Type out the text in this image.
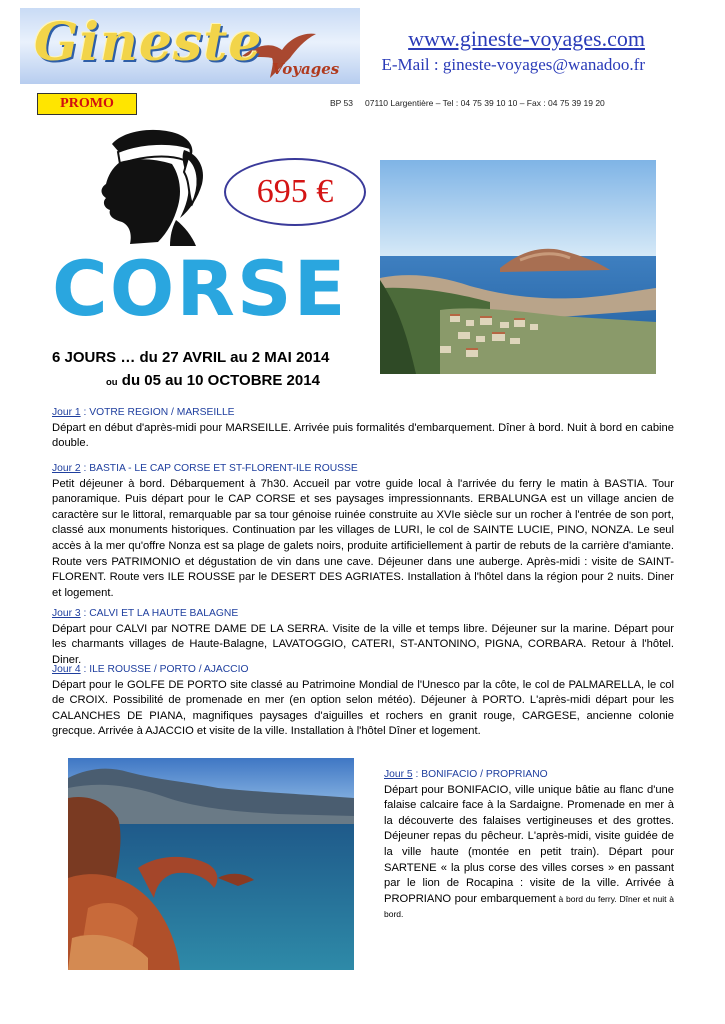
Gineste Voyages
www.gineste-voyages.com
E-Mail : gineste-voyages@wanadoo.fr
PROMO	BP 53 07110 Largentière – Tel : 04 75 39 10 10 – Fax : 04 75 39 19 20
695 €
CORSE
6 JOURS … du 27 AVRIL au 2 MAI 2014
ou du 05 au 10 OCTOBRE 2014
Jour 1 : VOTRE REGION / MARSEILLE
Départ en début d'après-midi pour MARSEILLE. Arrivée puis formalités d'embarquement. Dîner à bord. Nuit à bord en cabine double.
Jour 2 : BASTIA - LE CAP CORSE ET ST-FLORENT-ILE ROUSSE
Petit déjeuner à bord. Débarquement à 7h30. Accueil par votre guide local à l'arrivée du ferry le matin à BASTIA. Tour panoramique. Puis départ pour le CAP CORSE et ses paysages impressionnants. ERBALUNGA est un village ancien de caractère sur le littoral, remarquable par sa tour génoise ruinée construite au XVIe siècle sur un rocher à l'entrée de son port, classé aux monuments historiques. Continuation par les villages de LURI, le col de SAINTE LUCIE, PINO, NONZA. Le seul accès à la mer qu'offre Nonza est sa plage de galets noirs, produite artificiellement à partir de rebuts de la carrière d'amiante. Route vers PATRIMONIO et dégustation de vin dans une cave. Déjeuner dans une auberge. Après-midi : visite de SAINT-FLORENT. Route vers ILE ROUSSE par le DESERT DES AGRIATES. Installation à l'hôtel dans la région pour 2 nuits. Diner et logement.
Jour 3 : CALVI ET LA HAUTE BALAGNE
Départ pour CALVI par NOTRE DAME DE LA SERRA. Visite de la ville et temps libre. Déjeuner sur la marine. Départ pour les charmants villages de Haute-Balagne, LAVATOGGIO, CATERI, ST-ANTONINO, PIGNA, CORBARA. Retour à l'hôtel. Diner.
Jour 4 : ILE ROUSSE / PORTO / AJACCIO
Départ pour le GOLFE DE PORTO site classé au Patrimoine Mondial de l'Unesco par la côte, le col de PALMARELLA, le col de CROIX. Possibilité de promenade en mer (en option selon météo). Déjeuner à PORTO. L'après-midi départ pour les CALANCHES DE PIANA, magnifiques paysages d'aiguilles et rochers en granit rouge, CARGESE, ancienne colonie grecque. Arrivée à AJACCIO et visite de la ville. Installation à l'hôtel Dîner et logement.
Jour 5 : BONIFACIO / PROPRIANO
Départ pour BONIFACIO, ville unique bâtie au flanc d'une falaise calcaire face à la Sardaigne. Promenade en mer à la découverte des falaises vertigineuses et des grottes. Déjeuner repas du pêcheur. L'après-midi, visite guidée de la ville haute (montée en petit train). Départ pour SARTENE « la plus corse des villes corses » en passant par le lion de Rocapina : visite de la ville. Arrivée à PROPRIANO pour embarquement à bord du ferry. Dîner et nuit à bord.
